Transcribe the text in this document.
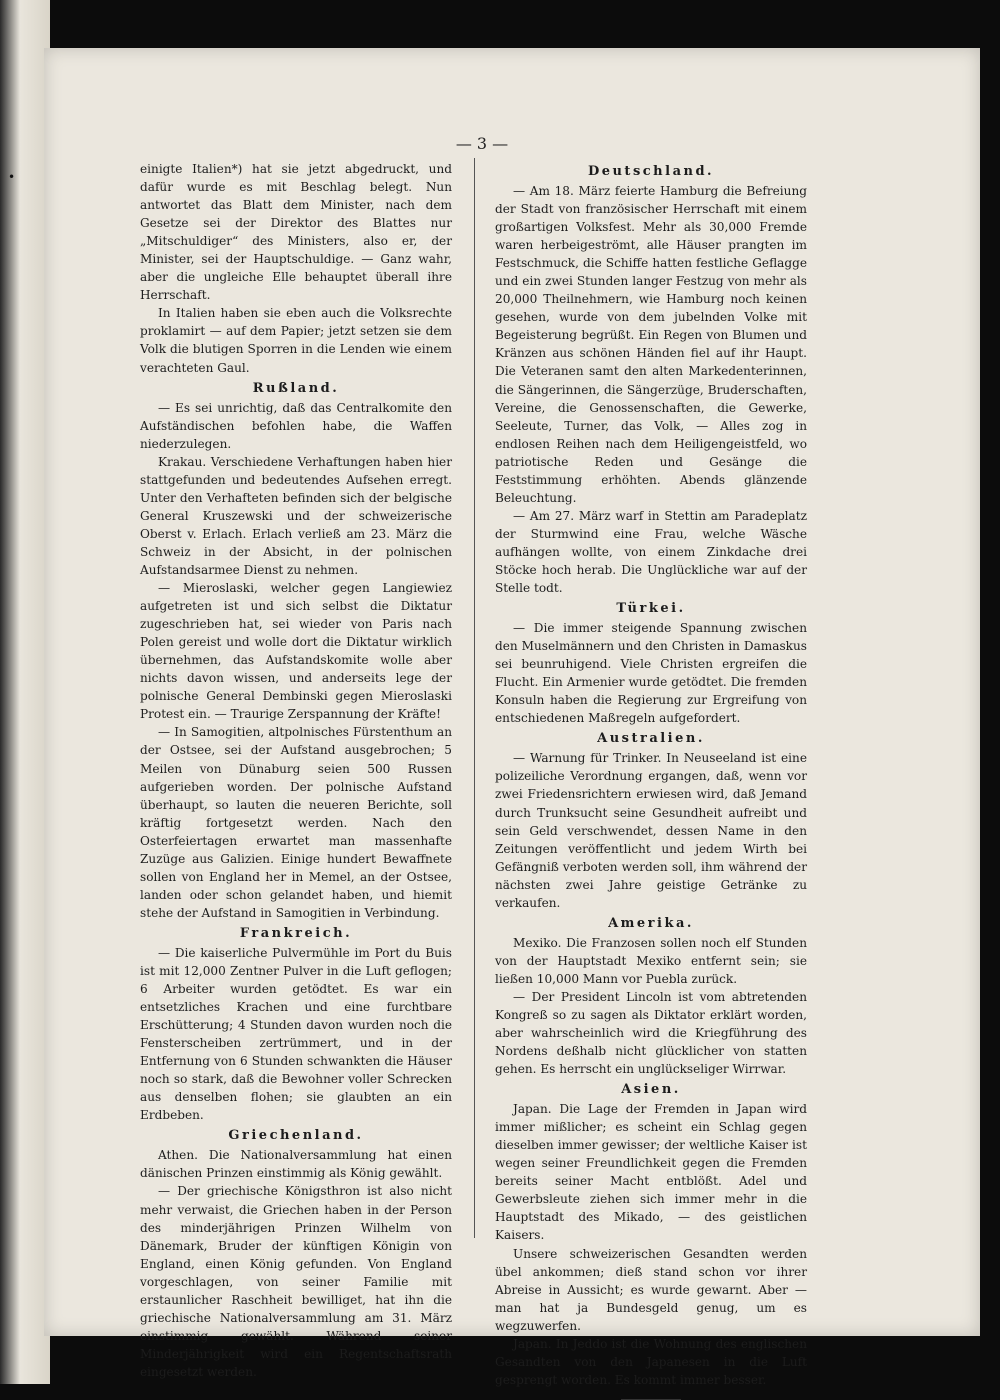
•
— 3 —

einigte Italien*) hat sie jetzt abgedruckt, und dafür wurde es mit Beschlag belegt. Nun antwortet das Blatt dem Minister, nach dem Gesetze sei der Direktor des Blattes nur „Mitschuldiger“ des Ministers, also er, der Minister, sei der Hauptschuldige. — Ganz wahr, aber die ungleiche Elle behauptet überall ihre Herrschaft.

In Italien haben sie eben auch die Volksrechte proklamirt — auf dem Papier; jetzt setzen sie dem Volk die blutigen Sporren in die Lenden wie einem verachteten Gaul.

Rußland.

— Es sei unrichtig, daß das Centralkomite den Aufständischen befohlen habe, die Waffen niederzulegen.

Krakau. Verschiedene Verhaftungen haben hier stattgefunden und bedeutendes Aufsehen erregt. Unter den Verhafteten befinden sich der belgische General Kruszewski und der schweizerische Oberst v. Erlach. Erlach verließ am 23. März die Schweiz in der Absicht, in der polnischen Aufstandsarmee Dienst zu nehmen.

— Mieroslaski, welcher gegen Langiewiez aufgetreten ist und sich selbst die Diktatur zugeschrieben hat, sei wieder von Paris nach Polen gereist und wolle dort die Diktatur wirklich übernehmen, das Aufstandskomite wolle aber nichts davon wissen, und anderseits lege der polnische General Dembinski gegen Mieroslaski Protest ein. — Traurige Zerspannung der Kräfte!

— In Samogitien, altpolnisches Fürstenthum an der Ostsee, sei der Aufstand ausgebrochen; 5 Meilen von Dünaburg seien 500 Russen aufgerieben worden. Der polnische Aufstand überhaupt, so lauten die neueren Berichte, soll kräftig fortgesetzt werden. Nach den Osterfeiertagen erwartet man massenhafte Zuzüge aus Galizien. Einige hundert Bewaffnete sollen von England her in Memel, an der Ostsee, landen oder schon gelandet haben, und hiemit stehe der Aufstand in Samogitien in Verbindung.

Frankreich.

— Die kaiserliche Pulvermühle im Port du Buis ist mit 12,000 Zentner Pulver in die Luft geflogen; 6 Arbeiter wurden getödtet. Es war ein entsetzliches Krachen und eine furchtbare Erschütterung; 4 Stunden davon wurden noch die Fensterscheiben zertrümmert, und in der Entfernung von 6 Stunden schwankten die Häuser noch so stark, daß die Bewohner voller Schrecken aus denselben flohen; sie glaubten an ein Erdbeben.

Griechenland.

Athen. Die Nationalversammlung hat einen dänischen Prinzen einstimmig als König gewählt.

— Der griechische Königsthron ist also nicht mehr verwaist, die Griechen haben in der Person des minderjährigen Prinzen Wilhelm von Dänemark, Bruder der künftigen Königin von England, einen König gefunden. Von England vorgeschlagen, von seiner Familie mit erstaunlicher Raschheit bewilliget, hat ihn die griechische Nationalversammlung am 31. März einstimmig gewählt. Während seiner Minderjährigkeit wird ein Regentschaftsrath eingesetzt werden.

Deutschland.

— Am 18. März feierte Hamburg die Befreiung der Stadt von französischer Herrschaft mit einem großartigen Volksfest. Mehr als 30,000 Fremde waren herbeigeströmt, alle Häuser prangten im Festschmuck, die Schiffe hatten festliche Geflagge und ein zwei Stunden langer Festzug von mehr als 20,000 Theilnehmern, wie Hamburg noch keinen gesehen, wurde von dem jubelnden Volke mit Begeisterung begrüßt. Ein Regen von Blumen und Kränzen aus schönen Händen fiel auf ihr Haupt. Die Veteranen samt den alten Markedenterinnen, die Sängerinnen, die Sängerzüge, Bruderschaften, Vereine, die Genossenschaften, die Gewerke, Seeleute, Turner, das Volk, — Alles zog in endlosen Reihen nach dem Heiligengeistfeld, wo patriotische Reden und Gesänge die Feststimmung erhöhten. Abends glänzende Beleuchtung.

— Am 27. März warf in Stettin am Paradeplatz der Sturmwind eine Frau, welche Wäsche aufhängen wollte, von einem Zinkdache drei Stöcke hoch herab. Die Unglückliche war auf der Stelle todt.

Türkei.

— Die immer steigende Spannung zwischen den Muselmännern und den Christen in Damaskus sei beunruhigend. Viele Christen ergreifen die Flucht. Ein Armenier wurde getödtet. Die fremden Konsuln haben die Regierung zur Ergreifung von entschiedenen Maßregeln aufgefordert.

Australien.

— Warnung für Trinker. In Neuseeland ist eine polizeiliche Verordnung ergangen, daß, wenn vor zwei Friedensrichtern erwiesen wird, daß Jemand durch Trunksucht seine Gesundheit aufreibt und sein Geld verschwendet, dessen Name in den Zeitungen veröffentlicht und jedem Wirth bei Gefängniß verboten werden soll, ihm während der nächsten zwei Jahre geistige Getränke zu verkaufen.

Amerika.

Mexiko. Die Franzosen sollen noch elf Stunden von der Hauptstadt Mexiko entfernt sein; sie ließen 10,000 Mann vor Puebla zurück.

— Der President Lincoln ist vom abtretenden Kongreß so zu sagen als Diktator erklärt worden, aber wahrscheinlich wird die Kriegführung des Nordens deßhalb nicht glücklicher von statten gehen. Es herrscht ein unglückseliger Wirrwar.

Asien.

Japan. Die Lage der Fremden in Japan wird immer mißlicher; es scheint ein Schlag gegen dieselben immer gewisser; der weltliche Kaiser ist wegen seiner Freundlichkeit gegen die Fremden bereits seiner Macht entblößt. Adel und Gewerbsleute ziehen sich immer mehr in die Hauptstadt des Mikado, — des geistlichen Kaisers.

Unsere schweizerischen Gesandten werden übel ankommen; dieß stand schon vor ihrer Abreise in Aussicht; es wurde gewarnt. Aber — man hat ja Bundesgeld genug, um es wegzuwerfen.

Japan. In Jeddo ist die Wohnung des englischen Gesandten von den Japanesen in die Luft gesprengt worden. Es kommt immer besser.
